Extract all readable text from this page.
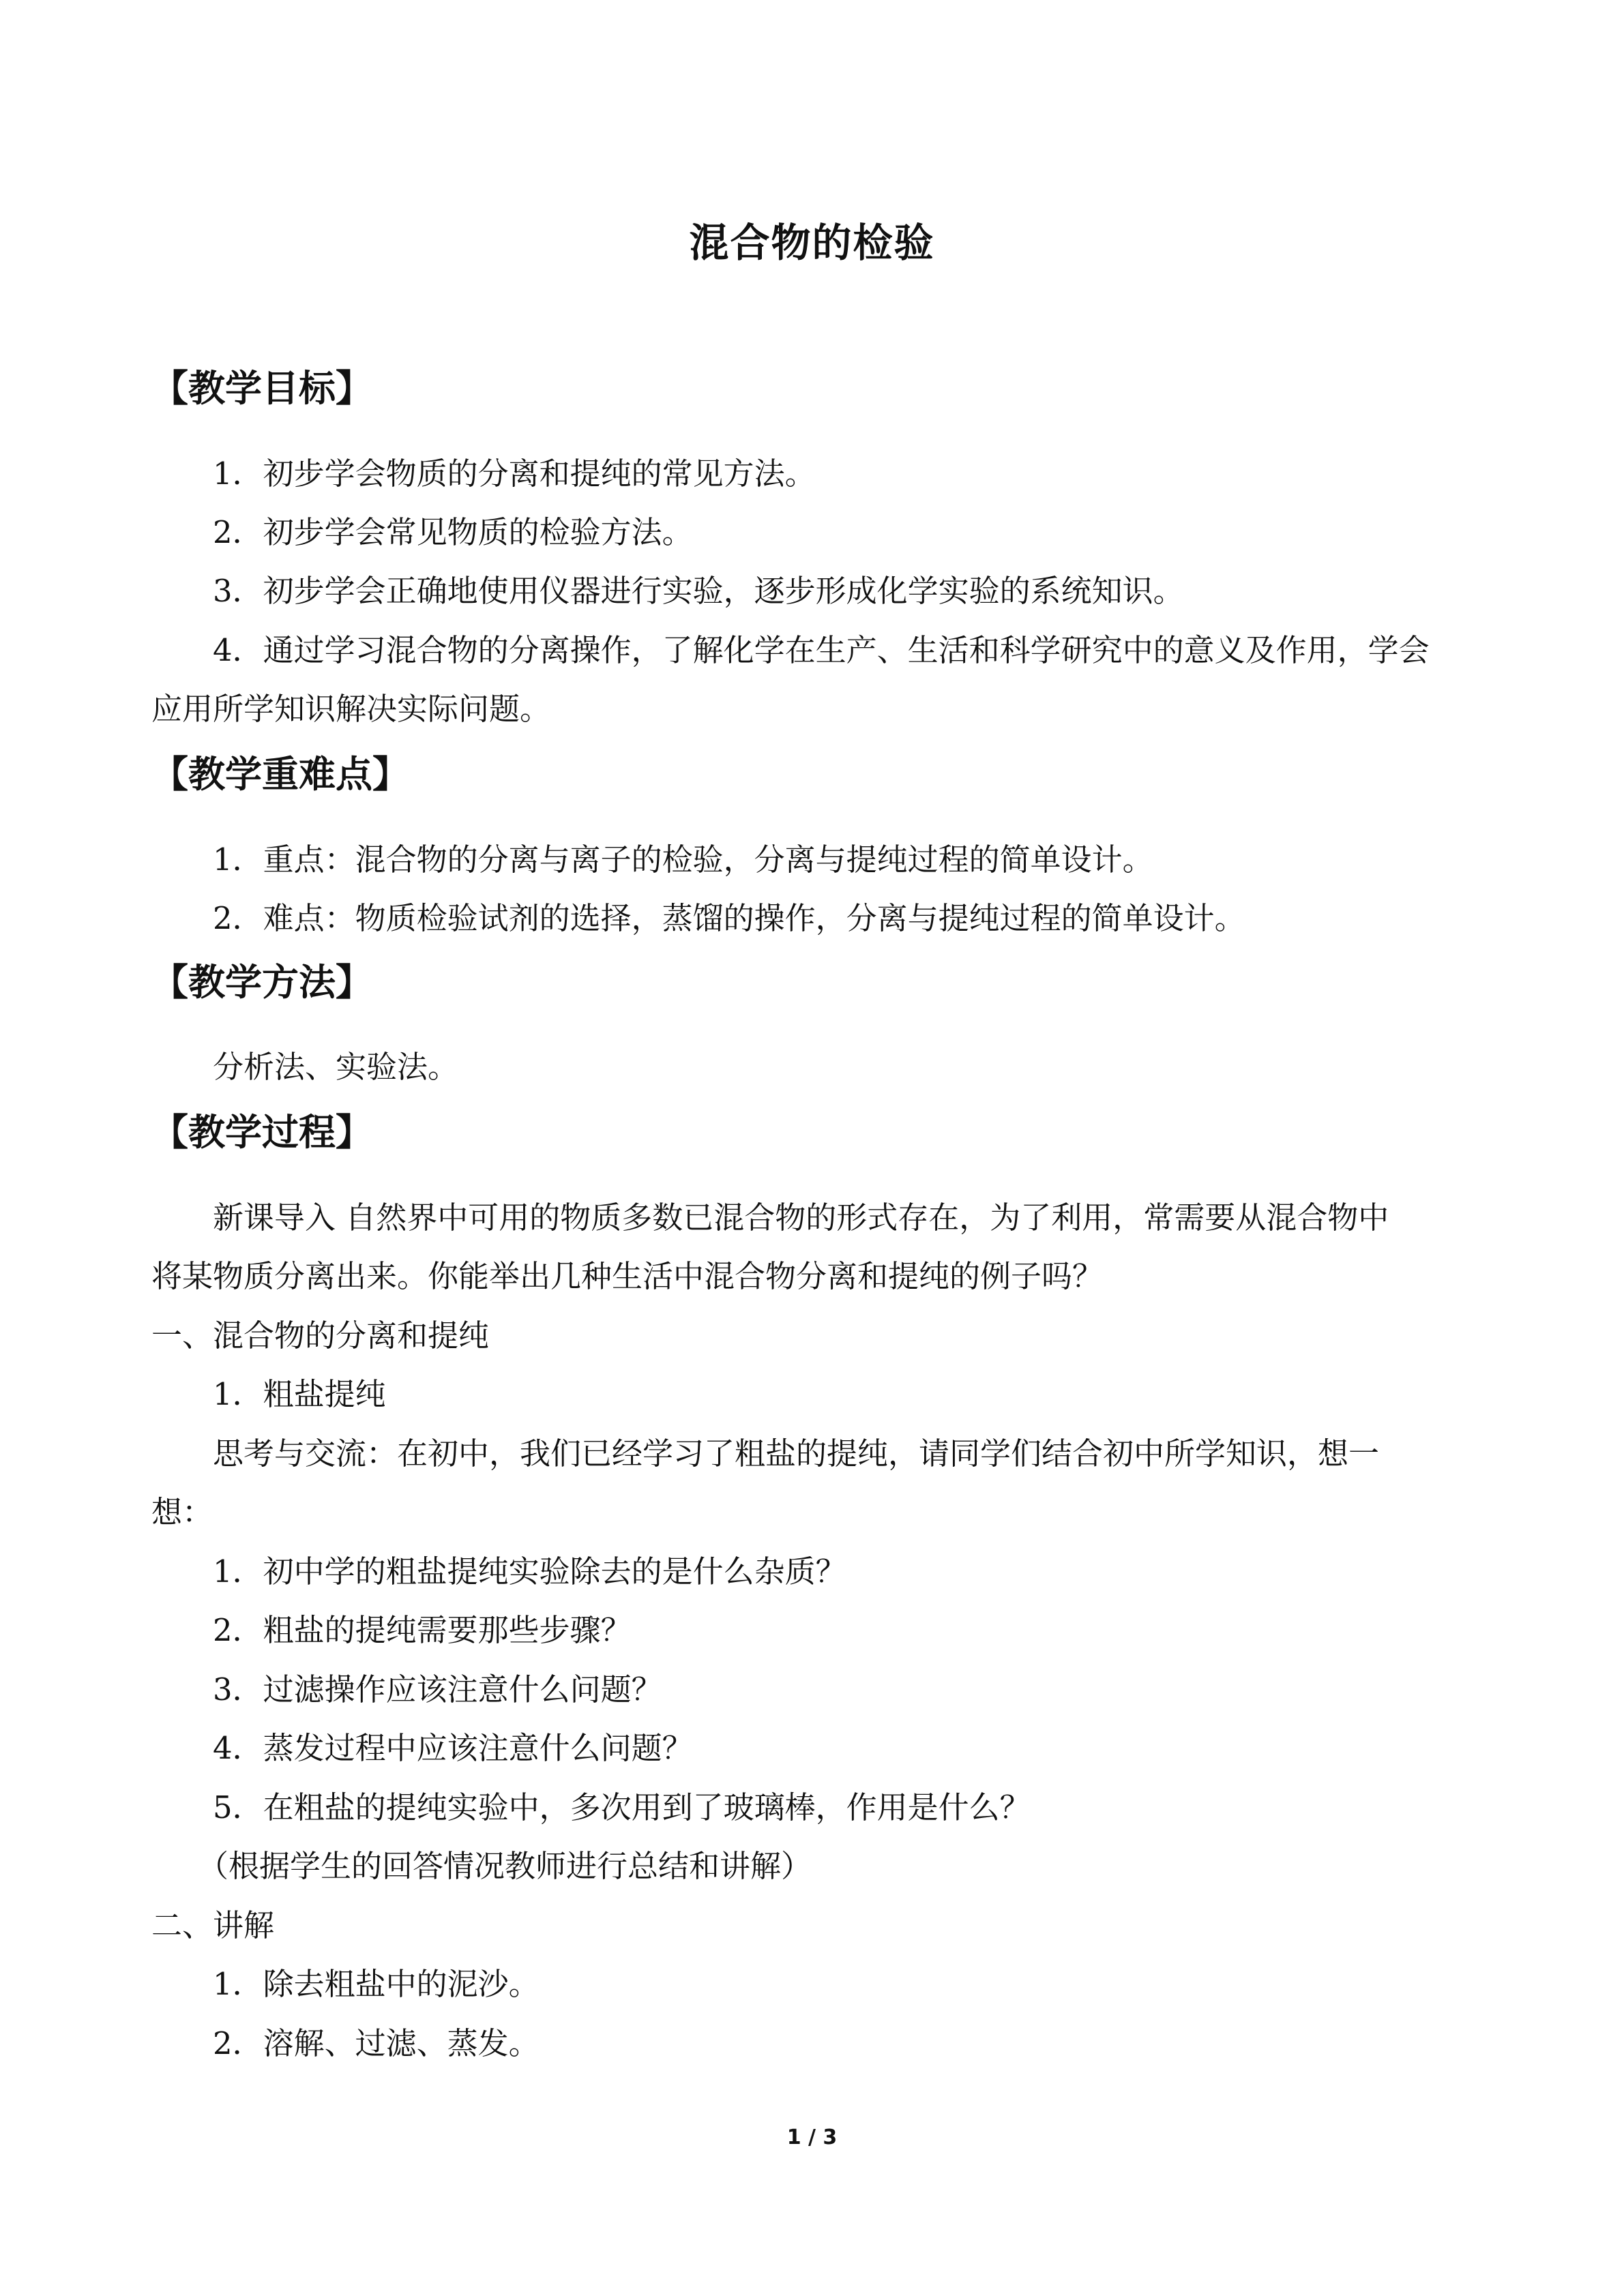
混合物的检验
【教学目标】
1．初步学会物质的分离和提纯的常见方法。
2．初步学会常见物质的检验方法。
3．初步学会正确地使用仪器进行实验，逐步形成化学实验的系统知识。
4．通过学习混合物的分离操作，了解化学在生产、生活和科学研究中的意义及作用，学会
应用所学知识解决实际问题。
【教学重难点】
1．重点：混合物的分离与离子的检验，分离与提纯过程的简单设计。
2．难点：物质检验试剂的选择，蒸馏的操作，分离与提纯过程的简单设计。
【教学方法】
分析法、实验法。
【教学过程】
新课导入 自然界中可用的物质多数已混合物的形式存在，为了利用，常需要从混合物中
将某物质分离出来。你能举出几种生活中混合物分离和提纯的例子吗？
一、混合物的分离和提纯
1．粗盐提纯
思考与交流：在初中，我们已经学习了粗盐的提纯，请同学们结合初中所学知识，想一
想：
1．初中学的粗盐提纯实验除去的是什么杂质？
2．粗盐的提纯需要那些步骤？
3．过滤操作应该注意什么问题？
4．蒸发过程中应该注意什么问题？
5．在粗盐的提纯实验中，多次用到了玻璃棒，作用是什么？
（根据学生的回答情况教师进行总结和讲解）
二、讲解
1．除去粗盐中的泥沙。
2．溶解、过滤、蒸发。
1 / 3
